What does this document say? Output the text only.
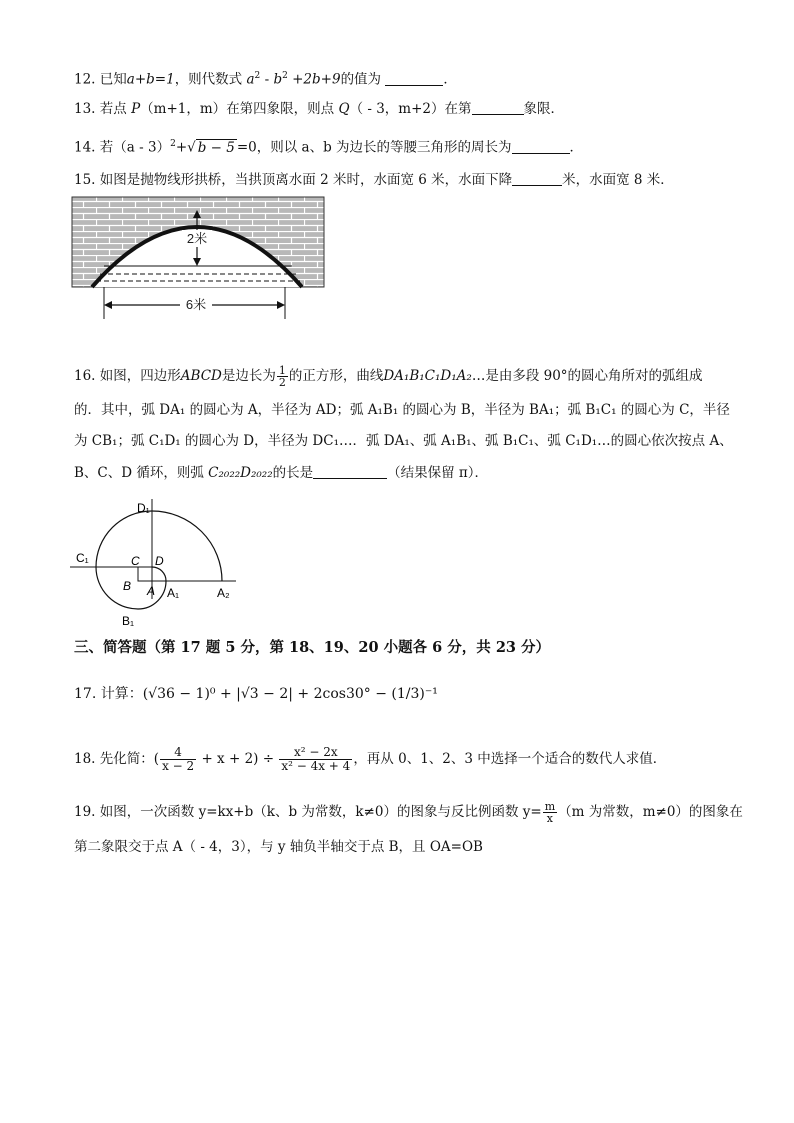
12. 已知a+b=1，则代数式 $a^2 - b^2 +2b+9$的值为	．
13. 若点 P（m+1，m）在第四象限，则点 Q（ - 3，m+2）在第	象限．
14. 若（a - 3）$^2$+√ b − 5 =0，则以 a、b 为边长的等腰三角形的周长为	．
15. 如图是抛物线形拱桥，当拱顶离水面 2 米时，水面宽 6 米，水面下降	米，水面宽 8 米．
2米
6米
16. 如图，四边形ABCD是边长为 $\frac{1}{2}$ 的正方形，曲线DA₁B₁C₁D₁A₂…是由多段 90°的圆心角所对的弧组成
的．其中，弧 DA₁ 的圆心为 A，半径为 AD；弧 A₁B₁ 的圆心为 B，半径为 BA₁；弧 B₁C₁ 的圆心为 C，半径
为 CB₁；弧 C₁D₁ 的圆心为 D，半径为 DC₁…．弧 DA₁、弧 A₁B₁、弧 B₁C₁、弧 C₁D₁…的圆心依次按点 A、
B、C、D 循环，则弧 C₂₀₂₂D₂₀₂₂的长是	（结果保留 π）．
D₁
C₁	C D
B A A₁	A₂
B₁
三、简答题（第 17 题 5 分，第 18、19、20 小题各 6 分，共 23 分）
17. 计算：(√36 − 1)⁰ + |√3 − 2| + 2cos30° − (1/3)⁻¹
18. 先化简：( $\frac{4}{x - 2} + x + 2) \div \frac{\text{x² − 2x}}{\text{x² − 4x + 4}}$ ，再从 0、1、2、3 中选择一个适合的数代人求值．
19. 如图，一次函数 y=kx+b（k、b 为常数，k≠0）的图象与反比例函数 $y= \frac{m}{x} (m$ 为常数，m≠0）的图象在
第二象限交于点 A（ - 4，3），与 y 轴负半轴交于点 B，且 OA=OB
